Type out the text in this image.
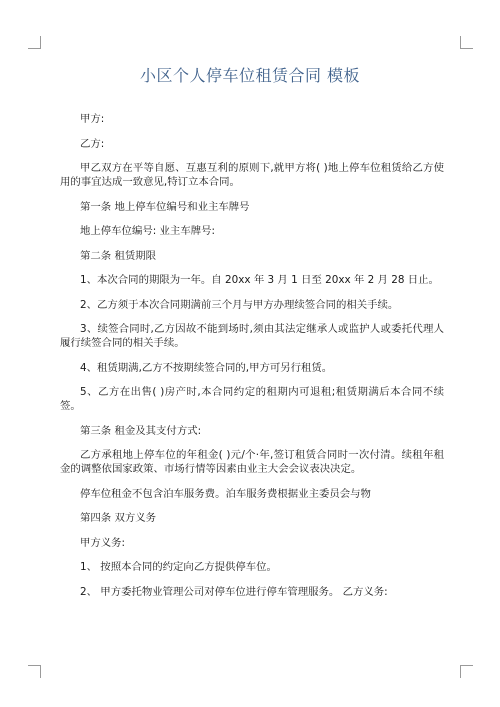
小区个人停车位租赁合同 模板

甲方:

乙方:

甲乙双方在平等自愿、互惠互利的原则下,就甲方将( )地上停车位租赁给乙方使用的事宜达成一致意见,特订立本合同。

第一条 地上停车位编号和业主车牌号

地上停车位编号: 业主车牌号:

第二条 租赁期限

1、本次合同的期限为一年。自 20xx 年 3 月 1 日至 20xx 年 2 月 28 日止。

2、乙方须于本次合同期满前三个月与甲方办理续签合同的相关手续。

3、续签合同时,乙方因故不能到场时,须由其法定继承人或监护人或委托代理人履行续签合同的相关手续。

4、租赁期满,乙方不按期续签合同的,甲方可另行租赁。

5、乙方在出售( )房产时,本合同约定的租期内可退租;租赁期满后本合同不续签。

第三条 租金及其支付方式:

乙方承租地上停车位的年租金( )元/个·年,签订租赁合同时一次付清。续租年租金的调整依国家政策、市场行情等因素由业主大会会议表决决定。

停车位租金不包含泊车服务费。泊车服务费根据业主委员会与物

第四条 双方义务

甲方义务:

1、 按照本合同的约定向乙方提供停车位。

2、 甲方委托物业管理公司对停车位进行停车管理服务。 乙方义务:
